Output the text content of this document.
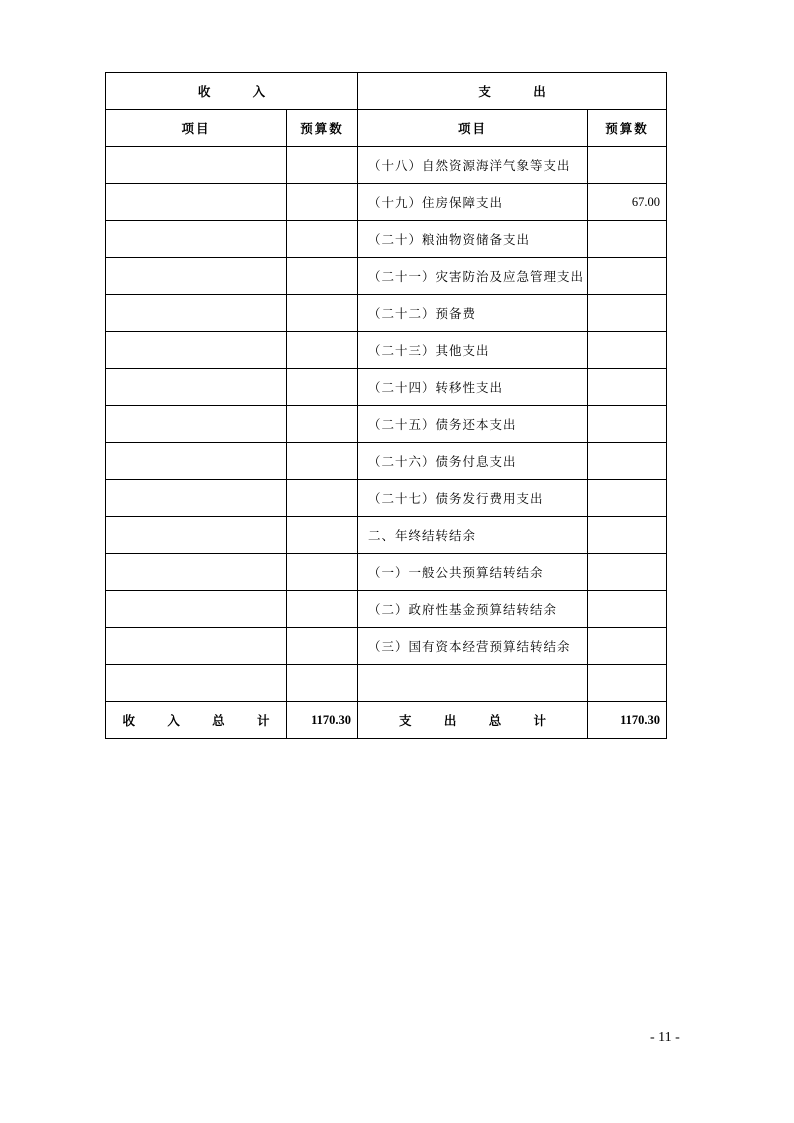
收 入		支 出	
项目	预算数	项目	预算数
		（十八）自然资源海洋气象等支出	
		（十九）住房保障支出	67.00
		（二十）粮油物资储备支出	
		（二十一）灾害防治及应急管理支出	
		（二十二）预备费	
		（二十三）其他支出	
		（二十四）转移性支出	
		（二十五）债务还本支出	
		（二十六）债务付息支出	
		（二十七）债务发行费用支出	
		二、年终结转结余	
		（一）一般公共预算结转结余	
		（二）政府性基金预算结转结余	
		（三）国有资本经营预算结转结余	

收 入 总 计	1170.30	支 出 总 计	1170.30
- 11 -
